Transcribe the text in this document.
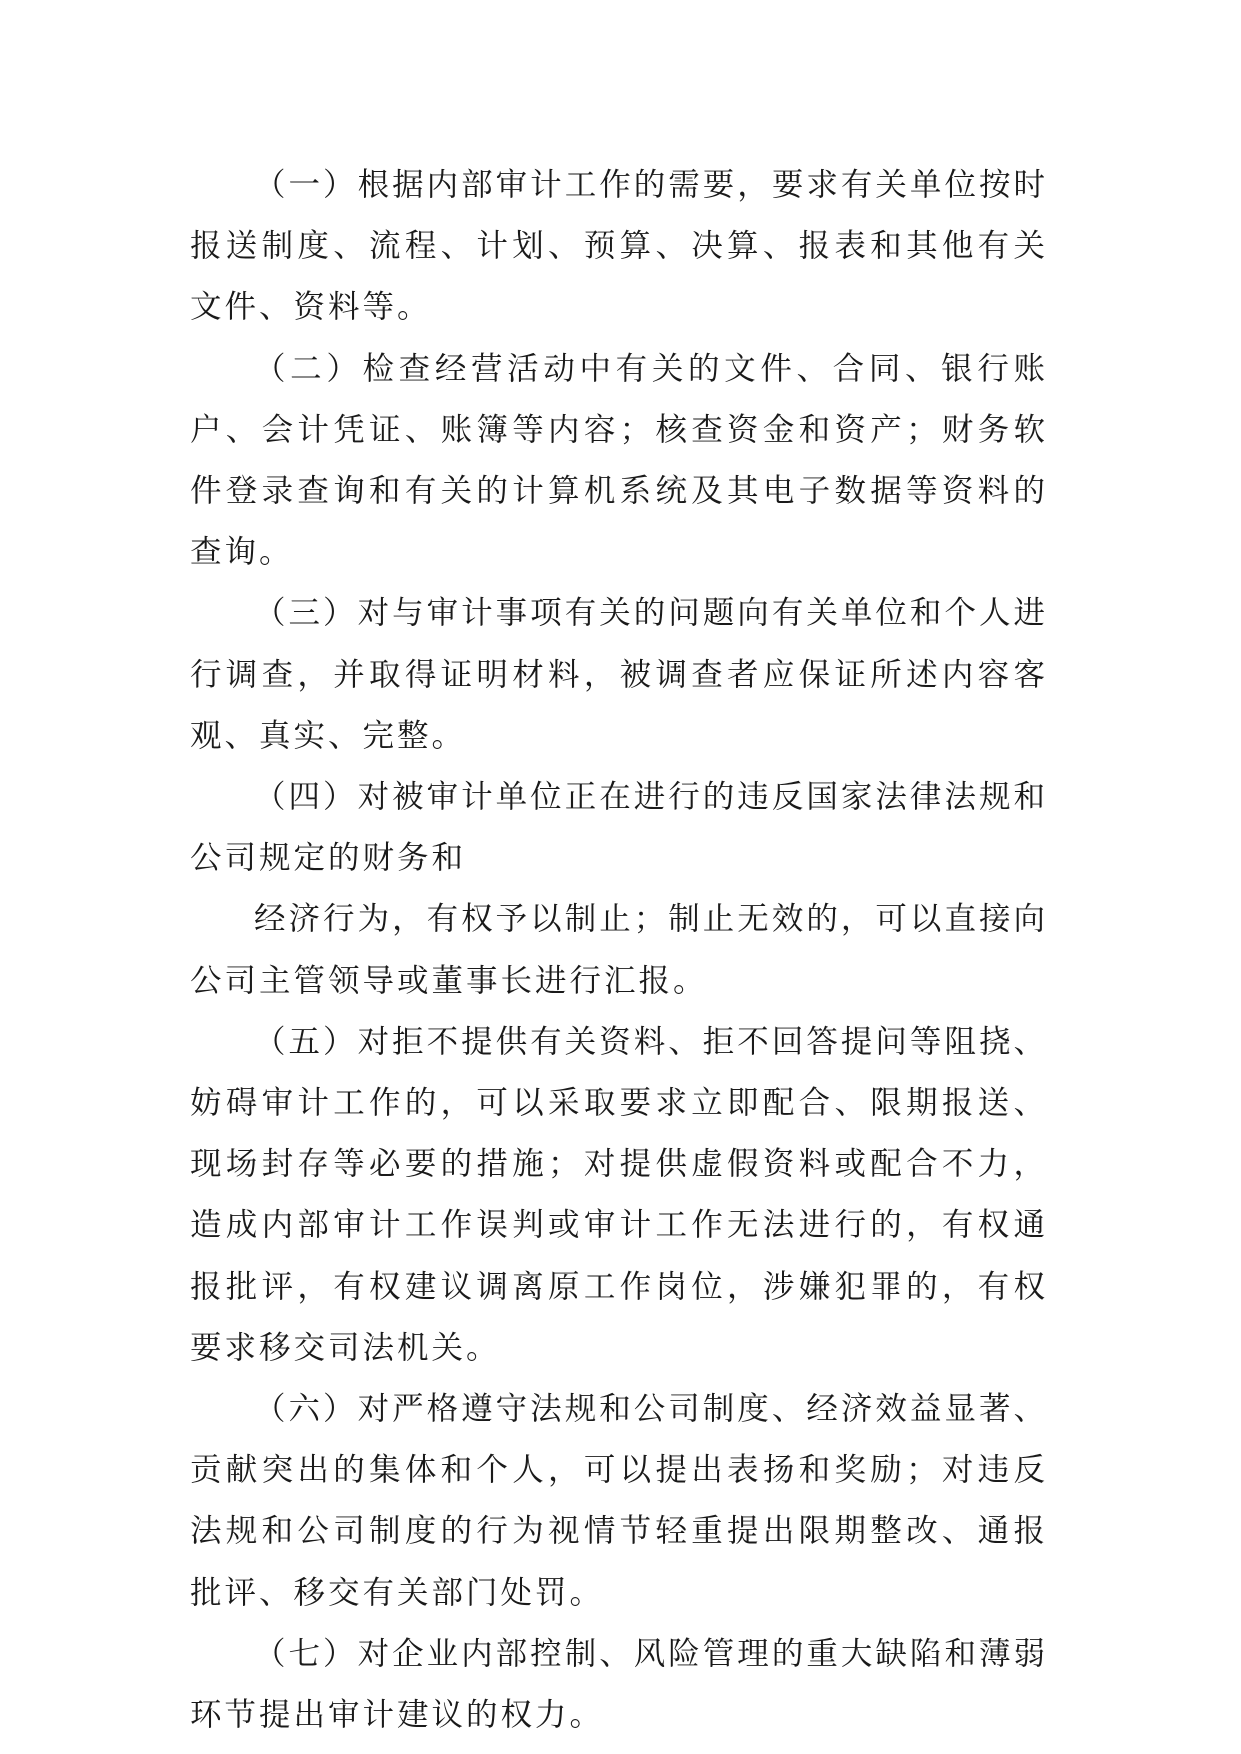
（一）根据内部审计工作的需要，要求有关单位按时报送制度、流程、计划、预算、决算、报表和其他有关文件、资料等。

（二）检查经营活动中有关的文件、合同、银行账户、会计凭证、账簿等内容；核查资金和资产；财务软件登录查询和有关的计算机系统及其电子数据等资料的查询。

（三）对与审计事项有关的问题向有关单位和个人进行调查，并取得证明材料，被调查者应保证所述内容客观、真实、完整。

（四）对被审计单位正在进行的违反国家法律法规和公司规定的财务和

经济行为，有权予以制止；制止无效的，可以直接向公司主管领导或董事长进行汇报。

（五）对拒不提供有关资料、拒不回答提问等阻挠、妨碍审计工作的，可以采取要求立即配合、限期报送、现场封存等必要的措施；对提供虚假资料或配合不力，造成内部审计工作误判或审计工作无法进行的，有权通报批评，有权建议调离原工作岗位，涉嫌犯罪的，有权要求移交司法机关。

（六）对严格遵守法规和公司制度、经济效益显著、贡献突出的集体和个人，可以提出表扬和奖励；对违反法规和公司制度的行为视情节轻重提出限期整改、通报批评、移交有关部门处罚。

（七）对企业内部控制、风险管理的重大缺陷和薄弱环节提出审计建议的权力。
